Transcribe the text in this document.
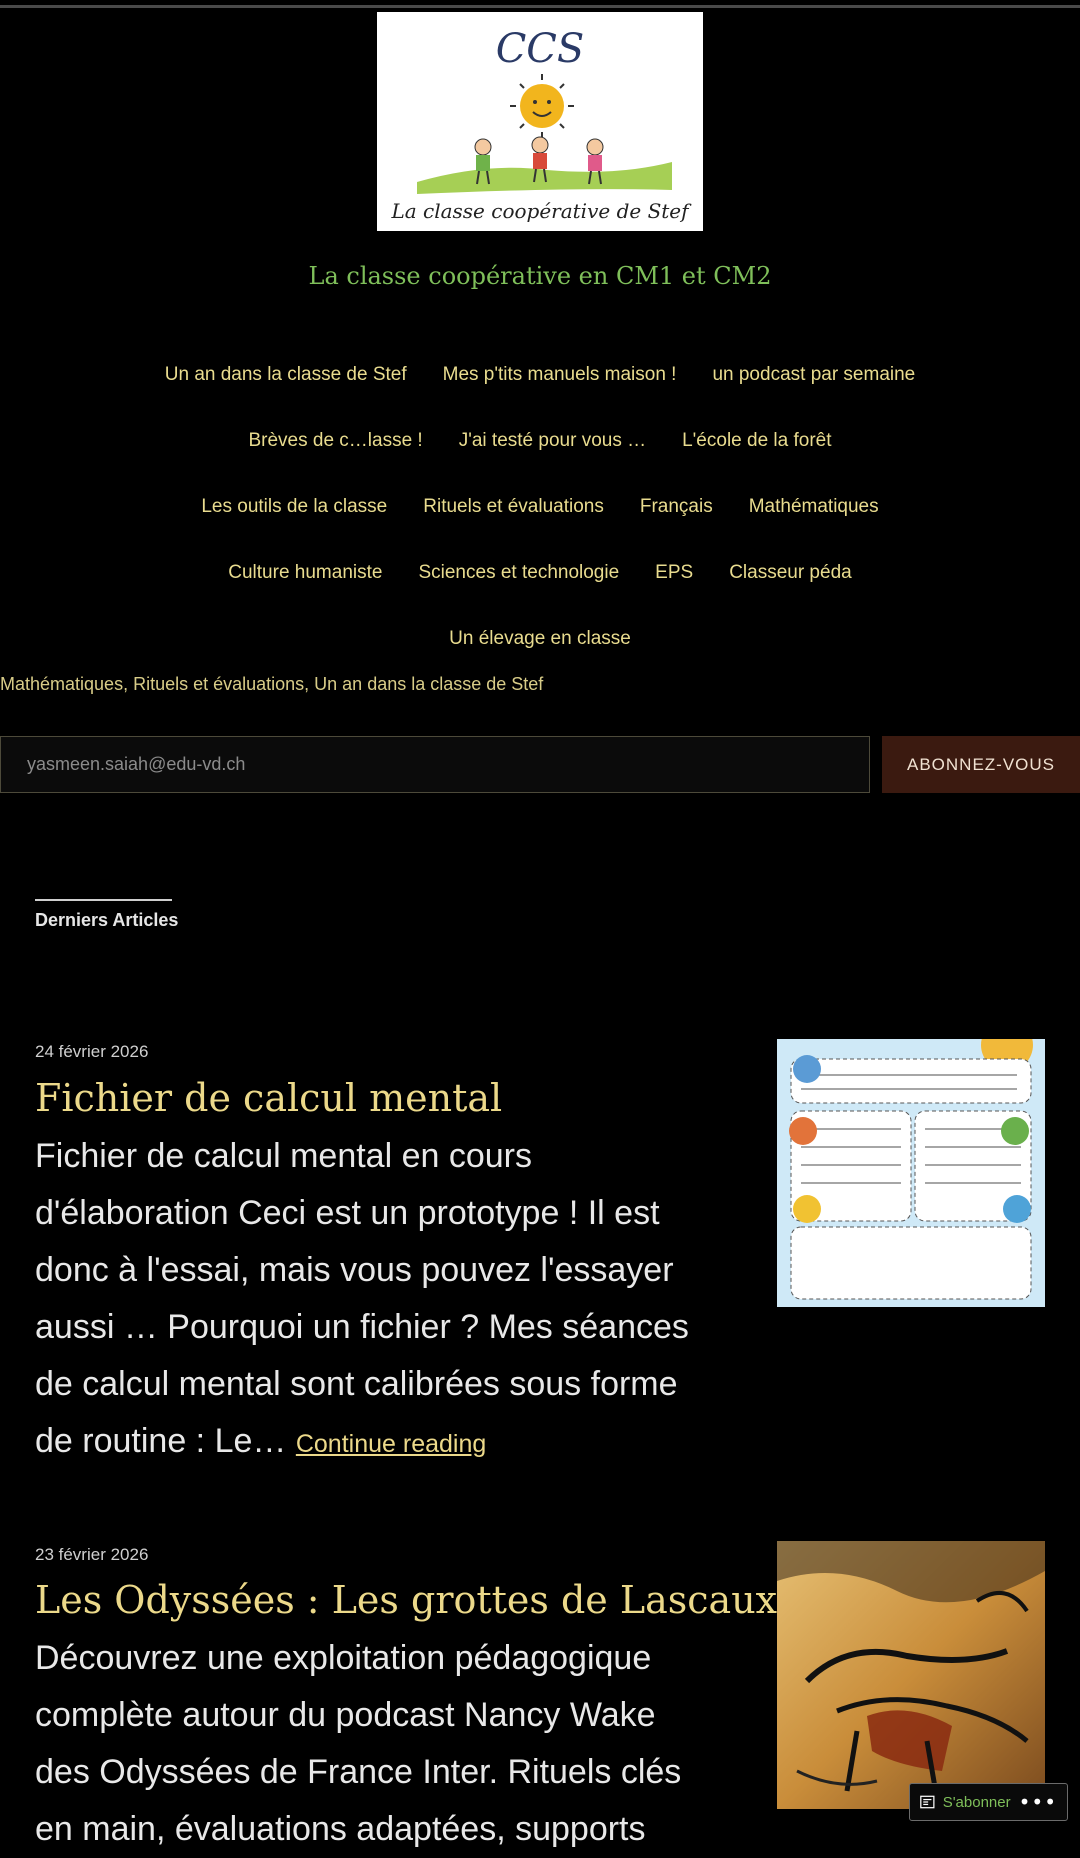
CCS
La classe coopérative de Stef
La classe coopérative en CM1 et CM2
Un an dans la classe de Stef Mes p'tits manuels maison ! un podcast par semaine
Brèves de c…lasse ! J'ai testé pour vous … L'école de la forêt
Les outils de la classe Rituels et évaluations Français Mathématiques
Culture humaniste Sciences et technologie EPS Classeur péda
Un élevage en classe
Mathématiques, Rituels et évaluations, Un an dans la classe de Stef
yasmeen.saiah@edu-vd.ch	ABONNEZ-VOUS
Derniers Articles
24 février 2026
Fichier de calcul mental
Fichier de calcul mental en cours d'élaboration Ceci est un prototype ! Il est donc à l'essai, mais vous pouvez l'essayer aussi … Pourquoi un fichier ? Mes séances de calcul mental sont calibrées sous forme de routine : Le… Continue reading
23 février 2026
Les Odyssées : Les grottes de Lascaux
Découvrez une exploitation pédagogique complète autour du podcast Nancy Wake des Odyssées de France Inter. Rituels clés en main, évaluations adaptées, supports
S'abonner •••
